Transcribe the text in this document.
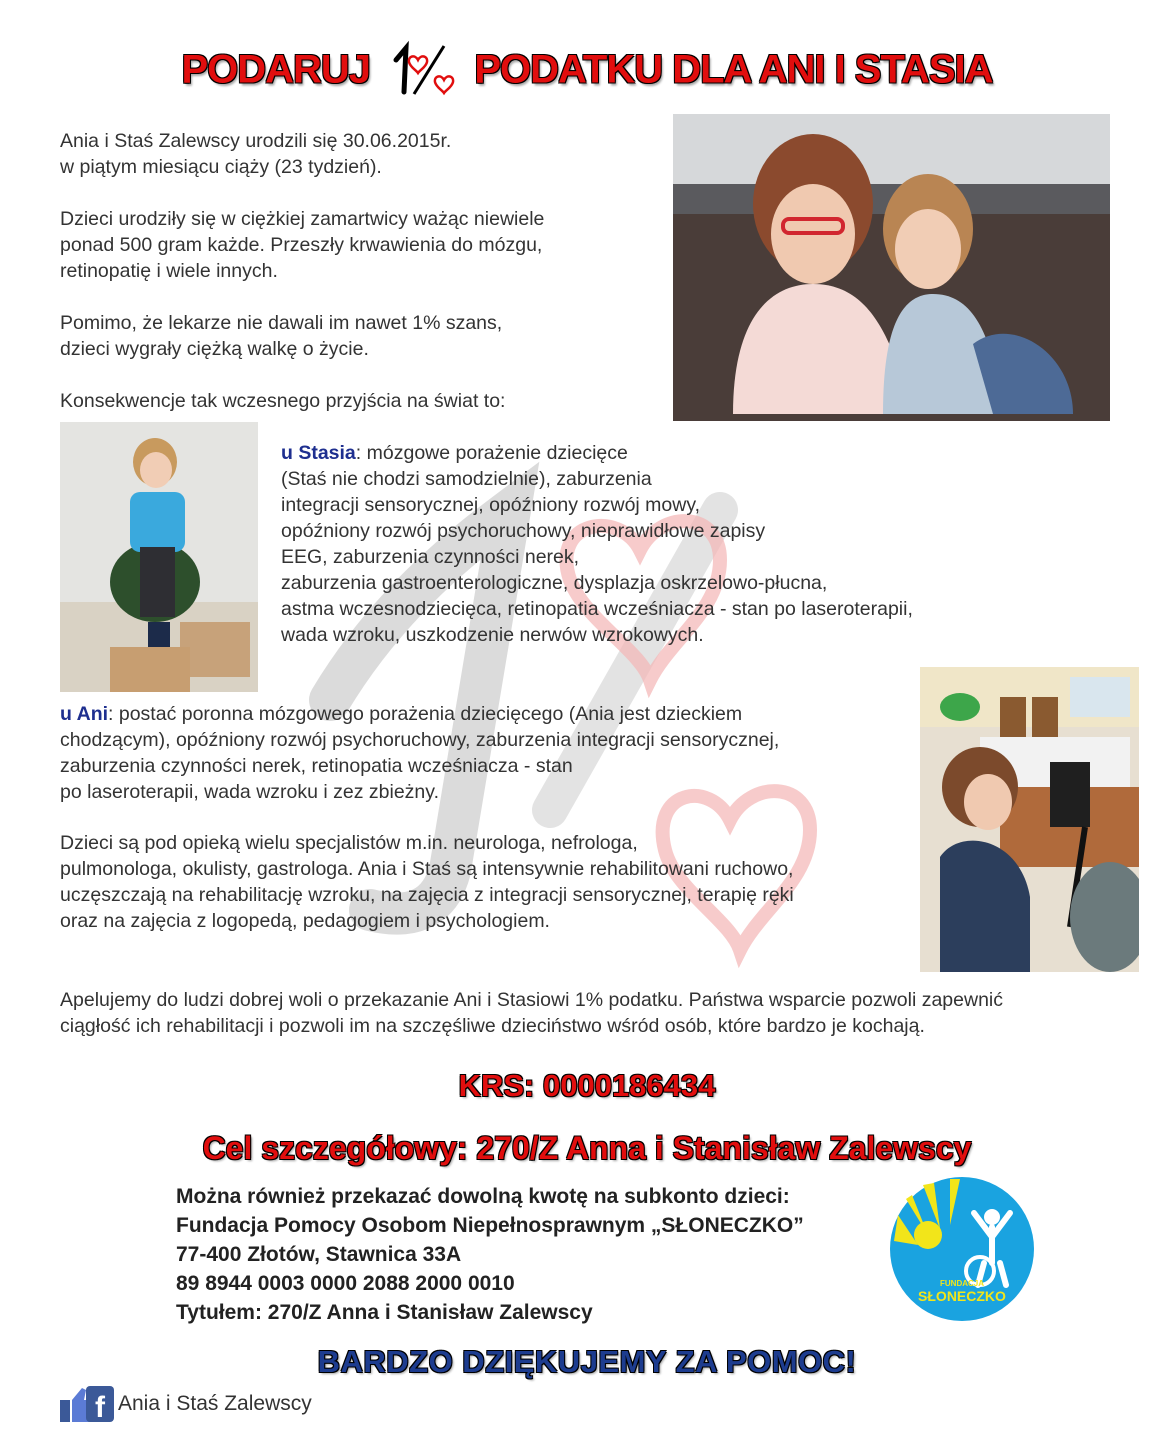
PODARUJ	PODATKU DLA ANI I STASIA
Ania i Staś Zalewscy urodzili się 30.06.2015r.
w piątym miesiącu ciąży (23 tydzień).
Dzieci urodziły się w ciężkiej zamartwicy ważąc niewiele
ponad 500 gram każde. Przeszły krwawienia do mózgu,
retinopatię i wiele innych.
Pomimo, że lekarze nie dawali im nawet 1% szans,
dzieci wygrały ciężką walkę o życie.
Konsekwencje tak wczesnego przyjścia na świat to:
u Stasia: mózgowe porażenie dziecięce
(Staś nie chodzi samodzielnie), zaburzenia
integracji sensorycznej, opóźniony rozwój mowy,
opóźniony rozwój psychoruchowy, nieprawidłowe zapisy
EEG, zaburzenia czynności nerek,
zaburzenia gastroenterologiczne, dysplazja oskrzelowo-płucna,
astma wczesnodziecięca, retinopatia wcześniacza - stan po laseroterapii,
wada wzroku, uszkodzenie nerwów wzrokowych.
u Ani: postać poronna mózgowego porażenia dziecięcego (Ania jest dzieckiem
chodzącym), opóźniony rozwój psychoruchowy, zaburzenia integracji sensorycznej,
zaburzenia czynności nerek, retinopatia wcześniacza - stan
po laseroterapii, wada wzroku i zez zbieżny.
Dzieci są pod opieką wielu specjalistów m.in. neurologa, nefrologa,
pulmonologa, okulisty, gastrologa. Ania i Staś są intensywnie rehabilitowani ruchowo,
uczęszczają na rehabilitację wzroku, na zajęcia z integracji sensorycznej, terapię ręki
oraz na zajęcia z logopedą, pedagogiem i psychologiem.
Apelujemy do ludzi dobrej woli o przekazanie Ani i Stasiowi 1% podatku. Państwa wsparcie pozwoli zapewnić
ciągłość ich rehabilitacji i pozwoli im na szczęśliwe dzieciństwo wśród osób, które bardzo je kochają.
KRS: 0000186434
Cel szczegółowy: 270/Z Anna i Stanisław Zalewscy
Można również przekazać dowolną kwotę na subkonto dzieci:
Fundacja Pomocy Osobom Niepełnosprawnym „SŁONECZKO”
77-400 Złotów, Stawnica 33A
89 8944 0003 0000 2088 2000 0010
Tytułem: 270/Z Anna i Stanisław Zalewscy
FUNDACJA
SŁONECZKO
BARDZO DZIĘKUJEMY ZA POMOC!
f Ania i Staś Zalewscy
